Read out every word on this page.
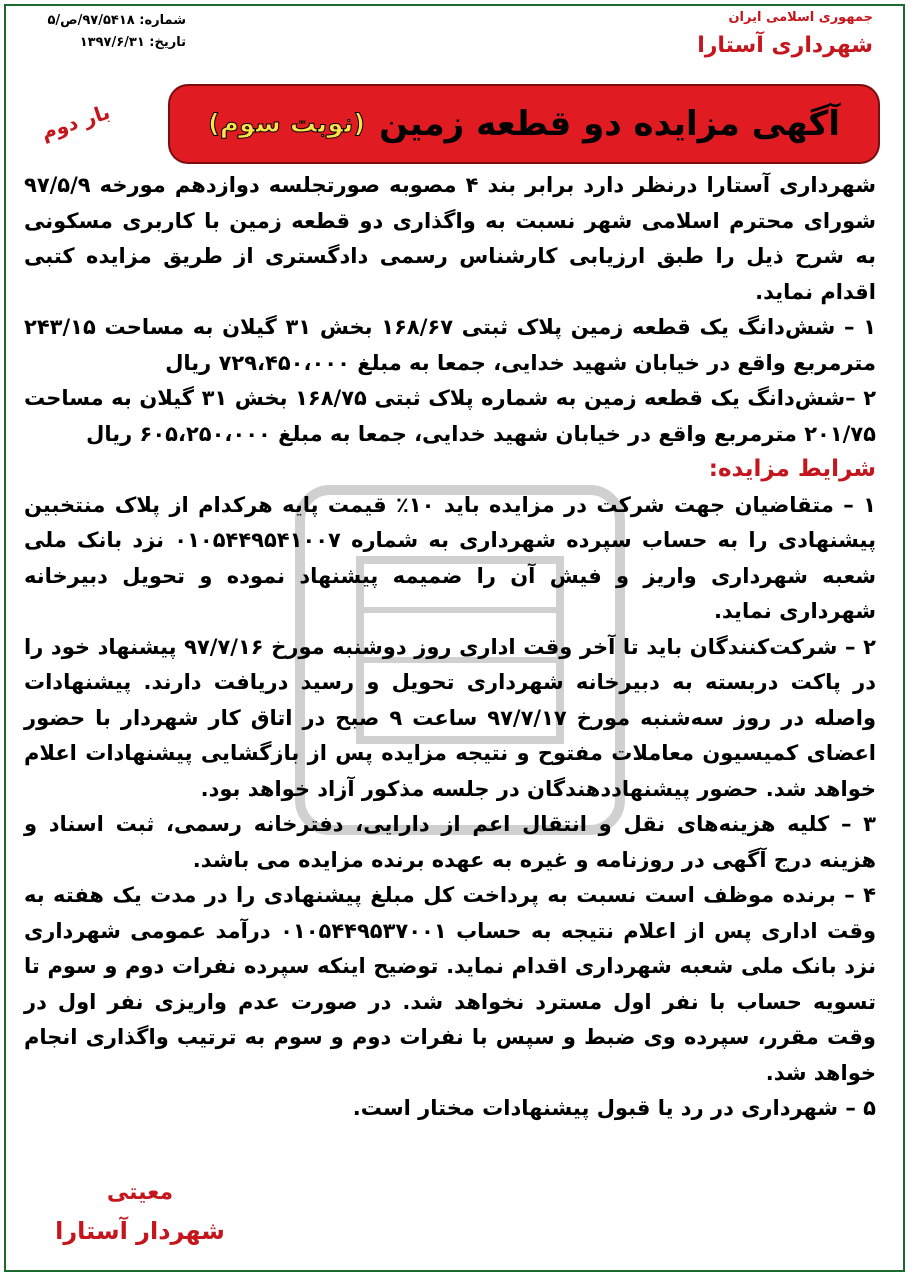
جمهوری اسلامی ایران
شهرداری آستارا
شماره: ۹۷/۵۴۱۸/ص/۵
تاریخ: ۱۳۹۷/۶/۳۱
آگهی مزایده دو قطعه زمین
(نوبت سوم)
بار دوم

شهرداری آستارا درنظر دارد برابر بند ۴ مصوبه صورتجلسه دوازدهم مورخه ۹۷/۵/۹ شورای محترم اسلامی شهر نسبت به واگذاری دو قطعه زمین با کاربری مسکونی به شرح ذیل را طبق ارزیابی کارشناس رسمی دادگستری از طریق مزایده کتبی اقدام نماید.

۱ – شش‌دانگ یک قطعه زمین پلاک ثبتی ۱۶۸/۶۷ بخش ۳۱ گیلان به مساحت ۲۴۳/۱۵ مترمربع واقع در خیابان شهید خدایی، جمعا به مبلغ ۷۲۹،۴۵۰،۰۰۰ ریال

۲ –شش‌دانگ یک قطعه زمین به شماره پلاک ثبتی ۱۶۸/۷۵ بخش ۳۱ گیلان به مساحت ۲۰۱/۷۵ مترمربع واقع در خیابان شهید خدایی، جمعا به مبلغ ۶۰۵،۲۵۰،۰۰۰ ریال

شرایط مزایده:

۱ – متقاضیان جهت شرکت در مزایده باید ۱۰٪ قیمت پایه هرکدام از پلاک منتخبین پیشنهادی را به حساب سپرده شهرداری به شماره ۰۱۰۵۴۴۹۵۴۱۰۰۷ نزد بانک ملی شعبه شهرداری واریز و فیش آن را ضمیمه پیشنهاد نموده و تحویل دبیرخانه شهرداری نماید.

۲ – شرکت‌کنندگان باید تا آخر وقت اداری روز دوشنبه مورخ ۹۷/۷/۱۶ پیشنهاد خود را در پاکت دربسته به دبیرخانه شهرداری تحویل و رسید دریافت دارند. پیشنهادات واصله در روز سه‌شنبه مورخ ۹۷/۷/۱۷ ساعت ۹ صبح در اتاق کار شهردار با حضور اعضای کمیسیون معاملات مفتوح و نتیجه مزایده پس از بازگشایی پیشنهادات اعلام خواهد شد. حضور پیشنهاددهندگان در جلسه مذکور آزاد خواهد بود.

۳ – کلیه هزینه‌های نقل و انتقال اعم از دارایی، دفترخانه رسمی، ثبت اسناد و هزینه درج آگهی در روزنامه و غیره به عهده برنده مزایده می باشد.

۴ – برنده موظف است نسبت به پرداخت کل مبلغ پیشنهادی را در مدت یک هفته به وقت اداری پس از اعلام نتیجه به حساب ۰۱۰۵۴۴۹۵۳۷۰۰۱ درآمد عمومی شهرداری نزد بانک ملی شعبه شهرداری اقدام نماید. توضیح اینکه سپرده نفرات دوم و سوم تا تسویه حساب با نفر اول مسترد نخواهد شد. در صورت عدم واریزی نفر اول در وقت مقرر، سپرده وی ضبط و سپس با نفرات دوم و سوم به ترتیب واگذاری انجام خواهد شد.

۵ – شهرداری در رد یا قبول پیشنهادات مختار است.

معیتی
شهردار آستارا
